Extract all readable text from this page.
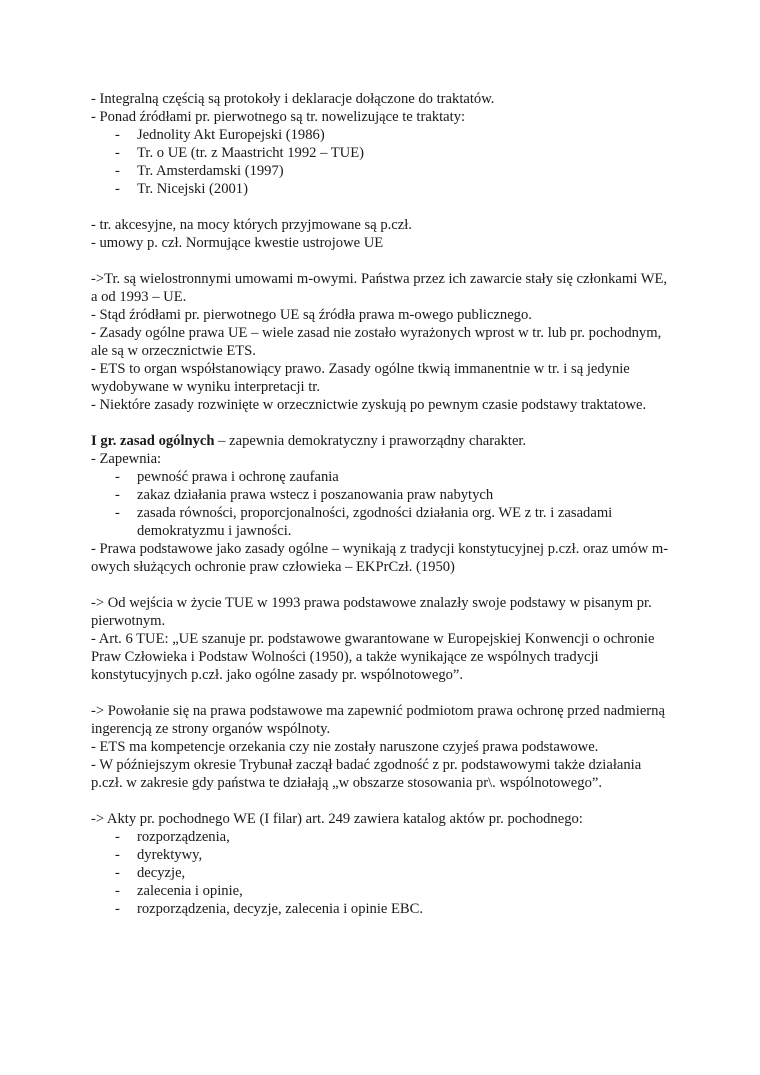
- Integralną częścią są protokoły i deklaracje dołączone do traktatów.

- Ponad źródłami pr. pierwotnego są tr. nowelizujące te traktaty:

- Jednolity Akt Europejski (1986)
- Tr. o UE (tr. z Maastricht 1992 – TUE)
- Tr. Amsterdamski (1997)
- Tr. Nicejski (2001)

- tr. akcesyjne, na mocy których przyjmowane są p.czł.

- umowy p. czł. Normujące kwestie ustrojowe UE

->Tr. są wielostronnymi umowami m-owymi. Państwa przez ich zawarcie stały się członkami WE, a od 1993 – UE.

- Stąd źródłami pr. pierwotnego UE są źródła prawa m-owego publicznego.

- Zasady ogólne prawa UE – wiele zasad nie zostało wyrażonych wprost w tr. lub pr. pochodnym, ale są w orzecznictwie ETS.

- ETS to organ współstanowiący prawo. Zasady ogólne tkwią immanentnie w tr. i są jedynie wydobywane w wyniku interpretacji tr.

- Niektóre zasady rozwinięte w orzecznictwie zyskują po pewnym czasie podstawy traktatowe.

I gr. zasad ogólnych – zapewnia demokratyczny i praworządny charakter.

- Zapewnia:

- pewność prawa i ochronę zaufania
- zakaz działania prawa wstecz i poszanowania praw nabytych
- zasada równości, proporcjonalności, zgodności działania org. WE z tr. i zasadami demokratyzmu i jawności.

- Prawa podstawowe jako zasady ogólne – wynikają z tradycji konstytucyjnej p.czł. oraz umów m-owych służących ochronie praw człowieka – EKPrCzł. (1950)

-> Od wejścia w życie TUE w 1993 prawa podstawowe znalazły swoje podstawy w pisanym pr. pierwotnym.

- Art. 6 TUE: „UE szanuje pr. podstawowe gwarantowane w Europejskiej Konwencji o ochronie Praw Człowieka i Podstaw Wolności (1950), a także wynikające ze wspólnych tradycji konstytucyjnych p.czł. jako ogólne zasady pr. wspólnotowego”.

-> Powołanie się na prawa podstawowe ma zapewnić podmiotom prawa ochronę przed nadmierną ingerencją ze strony organów wspólnoty.

- ETS ma kompetencje orzekania czy nie zostały naruszone czyjeś prawa podstawowe.

- W późniejszym okresie Trybunał zaczął badać zgodność z pr. podstawowymi także działania p.czł. w zakresie gdy państwa te działają „w obszarze stosowania pr\. wspólnotowego”.

-> Akty pr. pochodnego WE (I filar) art. 249 zawiera katalog aktów pr. pochodnego:

- rozporządzenia,
- dyrektywy,
- decyzje,
- zalecenia i opinie,
- rozporządzenia, decyzje, zalecenia i opinie EBC.
